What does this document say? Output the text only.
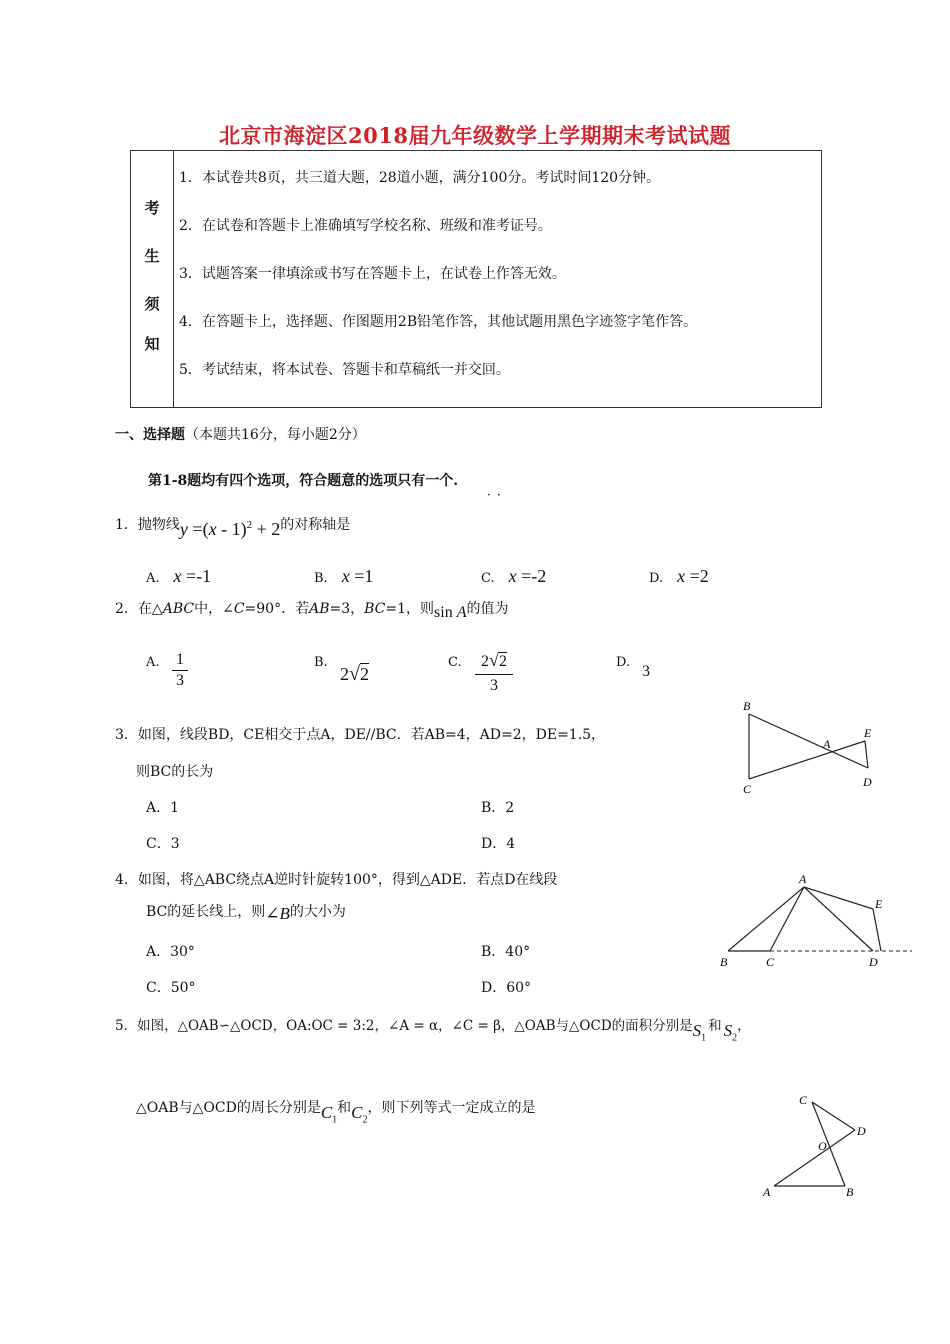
北京市海淀区2018届九年级数学上学期期末考试试题
考
生
须
知
1．本试卷共8页，共三道大题，28道小题，满分100分。考试时间120分钟。
2．在试卷和答题卡上准确填写学校名称、班级和准考证号。
3．试题答案一律填涂或书写在答题卡上，在试卷上作答无效。
4．在答题卡上，选择题、作图题用2B铅笔作答，其他试题用黑色字迹签字笔作答。
5．考试结束，将本试卷、答题卡和草稿纸一并交回。
一、选择题（本题共16分，每小题2分）
第1-8题均有四个选项，符合题意的选项只有一个.
··
1．抛物线y =(x - 1)$^2$ + 2的对称轴是
A. x =-1	B. x =1	C. x =-2	D. x =2
2．在△ABC中，∠C=90°．若AB=3，BC=1，则sin A的值为
A. 1
3
B.
2√2
C.	2√2
3
D.
3
3．如图，线段BD，CE相交于点A，DE//BC．若AB=4，AD=2，DE=1.5，
则BC的长为
A．1	B．2
C．3	D．4
B
A
E
C	D
4．如图，将△ABC绕点A逆时针旋转100°，得到△ADE．若点D在线段
BC的延长线上，则∠B的大小为
A．30°	B．40°
C．50°	D．60°
A
E
B	C	D
5．如图，△OAB∽△OCD，OA:OC = 3:2，∠A = α，∠C = β，△OAB与△OCD的面积分别是$S_1$和 $S_2$，
△OAB与△OCD的周长分别是$C_1$和$C_2$，则下列等式一定成立的是	C
D
O
A	B
